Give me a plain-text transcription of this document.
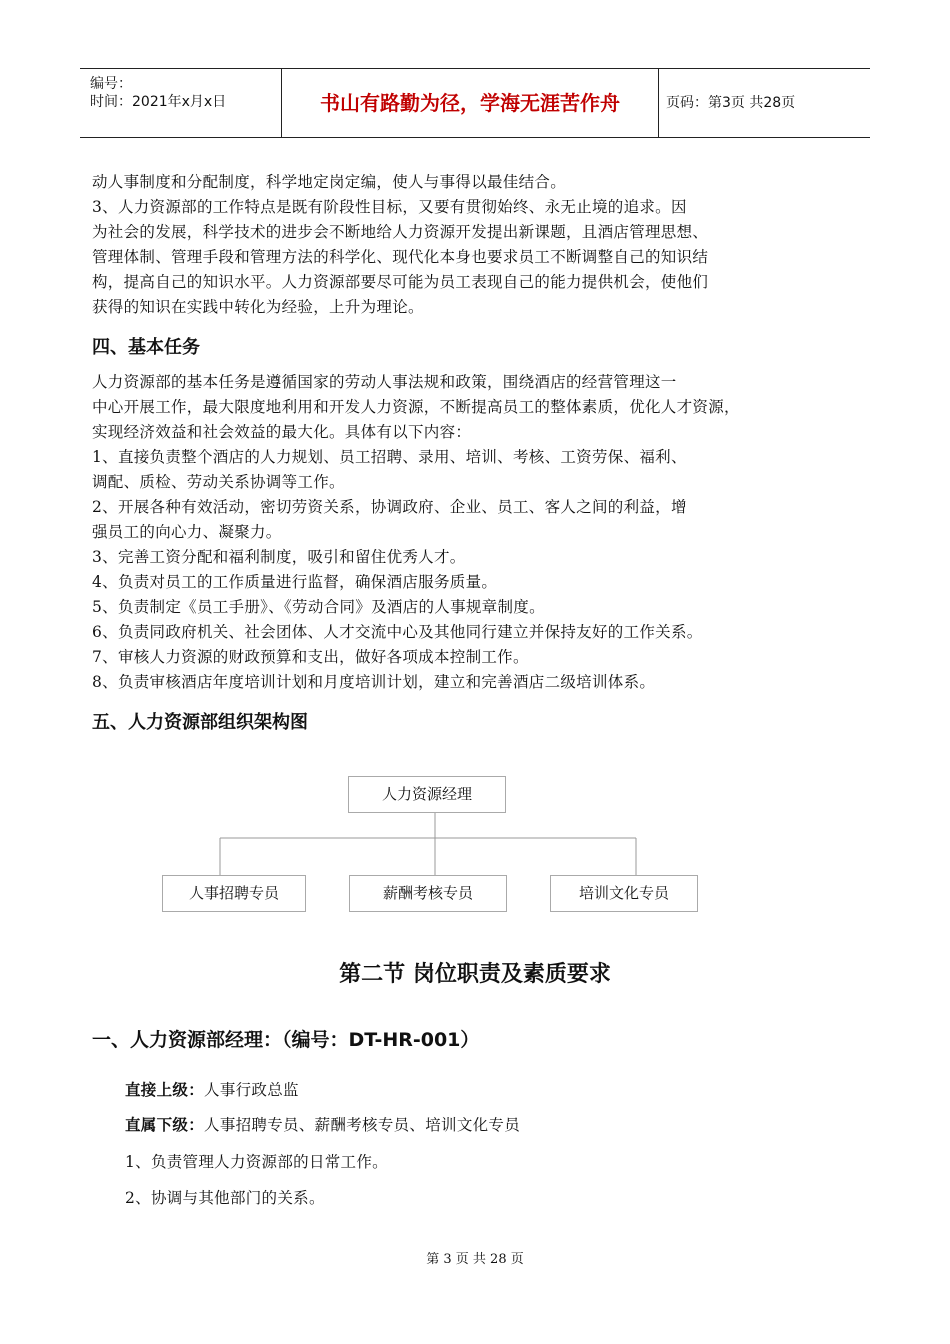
编号：
时间：2021年x月x日	书山有路勤为径，学海无涯苦作舟	页码：第3页 共28页
动人事制度和分配制度，科学地定岗定编，使人与事得以最佳结合。
3、人力资源部的工作特点是既有阶段性目标，又要有贯彻始终、永无止境的追求。因
为社会的发展，科学技术的进步会不断地给人力资源开发提出新课题，且酒店管理思想、
管理体制、管理手段和管理方法的科学化、现代化本身也要求员工不断调整自己的知识结
构，提高自己的知识水平。人力资源部要尽可能为员工表现自己的能力提供机会，使他们
获得的知识在实践中转化为经验，上升为理论。
四、基本任务
人力资源部的基本任务是遵循国家的劳动人事法规和政策，围绕酒店的经营管理这一
中心开展工作，最大限度地利用和开发人力资源，不断提高员工的整体素质，优化人才资源，
实现经济效益和社会效益的最大化。具体有以下内容：
1、直接负责整个酒店的人力规划、员工招聘、录用、培训、考核、工资劳保、福利、
调配、质检、劳动关系协调等工作。
2、开展各种有效活动，密切劳资关系，协调政府、企业、员工、客人之间的利益，增
强员工的向心力、凝聚力。
3、完善工资分配和福利制度，吸引和留住优秀人才。
4、负责对员工的工作质量进行监督，确保酒店服务质量。
5、负责制定《员工手册》、《劳动合同》及酒店的人事规章制度。
6、负责同政府机关、社会团体、人才交流中心及其他同行建立并保持友好的工作关系。
7、审核人力资源的财政预算和支出，做好各项成本控制工作。
8、负责审核酒店年度培训计划和月度培训计划，建立和完善酒店二级培训体系。
五、人力资源部组织架构图
人力资源经理
人事招聘专员	薪酬考核专员	培训文化专员
第二节 岗位职责及素质要求
一、人力资源部经理：（编号：DT-HR-001）
直接上级：人事行政总监
直属下级：人事招聘专员、薪酬考核专员、培训文化专员
1、负责管理人力资源部的日常工作。
2、协调与其他部门的关系。
第 3 页 共 28 页
